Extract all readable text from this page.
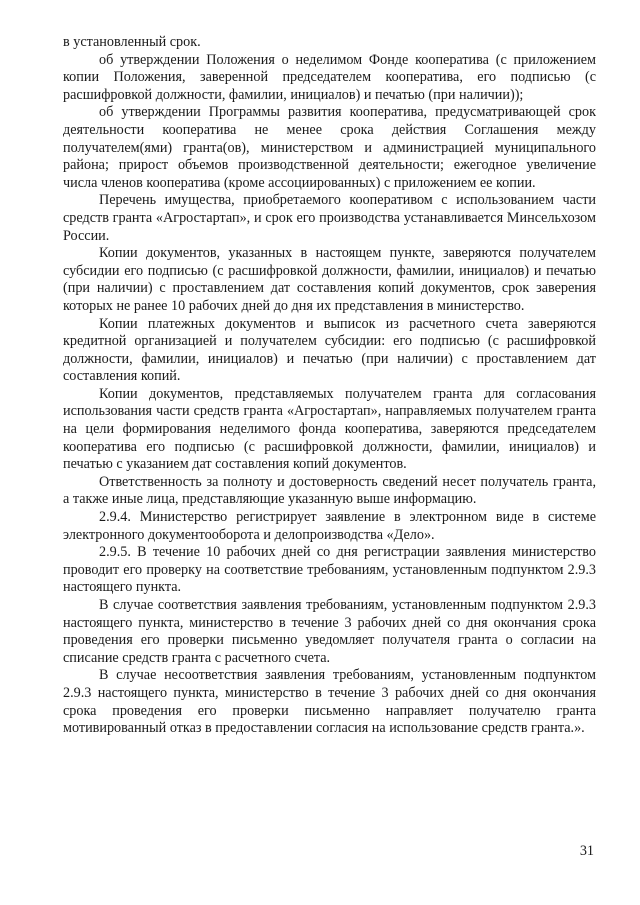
в установленный срок.

об утверждении Положения о неделимом Фонде кооператива (с приложением копии Положения, заверенной председателем кооператива, его подписью (с расшифровкой должности, фамилии, инициалов) и печатью (при наличии));

об утверждении Программы развития кооператива, предусматривающей срок деятельности кооператива не менее срока действия Соглашения между получателем(ями) гранта(ов), министерством и администрацией муниципального района; прирост объемов производственной деятельности; ежегодное увеличение числа членов кооператива (кроме ассоциированных) с приложением ее копии.

Перечень имущества, приобретаемого кооперативом с использованием части средств гранта «Агростартап», и срок его производства устанавливается Минсельхозом России.

Копии документов, указанных в настоящем пункте, заверяются получателем субсидии его подписью (с расшифровкой должности, фамилии, инициалов) и печатью (при наличии) с проставлением дат составления копий документов, срок заверения которых не ранее 10 рабочих дней до дня их представления в министерство.

Копии платежных документов и выписок из расчетного счета заверяются кредитной организацией и получателем субсидии: его подписью (с расшифровкой должности, фамилии, инициалов) и печатью (при наличии) с проставлением дат составления копий.

Копии документов, представляемых получателем гранта для согласования использования части средств гранта «Агростартап», направляемых получателем гранта на цели формирования неделимого фонда кооператива, заверяются председателем кооператива его подписью (с расшифровкой должности, фамилии, инициалов) и печатью с указанием дат составления копий документов.

Ответственность за полноту и достоверность сведений несет получатель гранта, а также иные лица, представляющие указанную выше информацию.

2.9.4. Министерство регистрирует заявление в электронном виде в системе электронного документооборота и делопроизводства «Дело».

2.9.5. В течение 10 рабочих дней со дня регистрации заявления министерство проводит его проверку на соответствие требованиям, установленным подпунктом 2.9.3 настоящего пункта.

В случае соответствия заявления требованиям, установленным подпунктом 2.9.3 настоящего пункта, министерство в течение 3 рабочих дней со дня окончания срока проведения его проверки письменно уведомляет получателя гранта о согласии на списание средств гранта с расчетного счета.

В случае несоответствия заявления требованиям, установленным подпунктом 2.9.3 настоящего пункта, министерство в течение 3 рабочих дней со дня окончания срока проведения его проверки письменно направляет получателю гранта мотивированный отказ в предоставлении согласия на использование средств гранта.».

31
